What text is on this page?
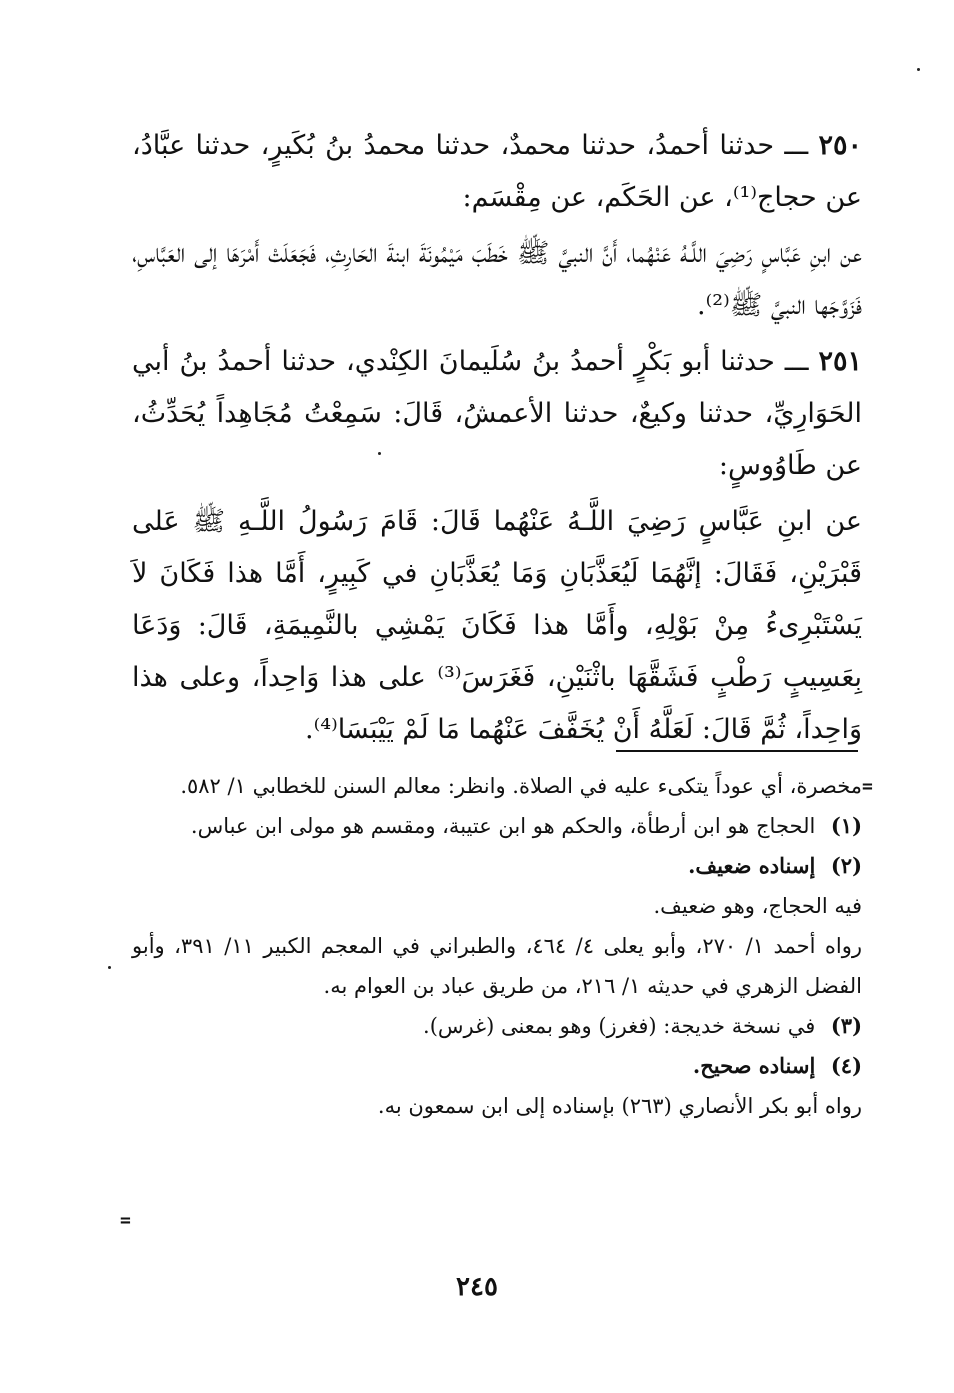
٢٥٠ ـــ حدثنا أحمدُ، حدثنا محمدٌ، حدثنا محمدُ بنُ بُكَيرٍ، حدثنا عبَّادُ، عن حجاج⁽¹⁾، عن الحَكَم، عن مِقْسَم:

عن ابنِ عَبَّاسٍ رَضِيَ اللَّـهُ عَنْهُما، أَنَّ النبيَّ ﷺ خَطَبَ مَيْمُونَةَ ابنةَ الحَارِثِ، فَجَعَلَتْ أَمْرَهَا إلى العَبَّاسِ، فَزَوَّجَها النبيَّ ﷺ⁽²⁾.

٢٥١ ـــ حدثنا أبو بَكْرٍ أحمدُ بنُ سُلَيمانَ الكِنْدي، حدثنا أحمدُ بنُ أبي الحَوَارِيِّ، حدثنا وكيعٌ، حدثنا الأعمشُ، قَالَ: سَمِعْتُ مُجَاهِداً يُحَدِّثُ، عن طَاوُوسٍ:

عن ابنِ عَبَّاسٍ رَضِيَ اللَّـهُ عَنْهُما قَالَ: قَامَ رَسُولُ اللَّـهِ ﷺ عَلى قَبْرَيْنِ، فَقَالَ: إنَّهُمَا لَيُعَذَّبَانِ وَمَا يُعَذَّبَانِ في كَبِيرٍ، أَمَّا هذا فَكَانَ لاَ يَسْتَبْرِىءُ مِنْ بَوْلِهِ، وأَمَّا هذا فَكَانَ يَمْشِي بالنَّمِيمَةِ، قَالَ: وَدَعَا بِعَسِيبٍ رَطْبٍ فَشَقَّهَا باثْنَيْنِ، فَغَرَسَ⁽³⁾ على هذا وَاحِداً، وعلى هذا وَاحِداً، ثُمَّ قَالَ: لَعَلَّهُ أَنْ يُخَفَّفَ عَنْهُما مَا لَمْ يَيْبَسَا⁽⁴⁾.

=

مخصرة، أي عوداً يتكىء عليه في الصلاة. وانظر: معالم السنن للخطابي ١/ ٥٨٢.

(١) الحجاج هو ابن أرطأة، والحكم هو ابن عتيبة، ومقسم هو مولى ابن عباس.

(٢) إسناده ضعيف.

فيه الحجاج، وهو ضعيف.

رواه أحمد ١/ ٢٧٠، وأبو يعلى ٤/ ٤٦٤، والطبراني في المعجم الكبير ١١/ ٣٩١، وأبو الفضل الزهري في حديثه ١/ ٢١٦، من طريق عباد بن العوام به.

(٣) في نسخة خديجة: (فغرز) وهو بمعنى (غرس).

(٤) إسناده صحيح.

رواه أبو بكر الأنصاري (٢٦٣) بإسناده إلى ابن سمعون به.

=
٢٤٥
